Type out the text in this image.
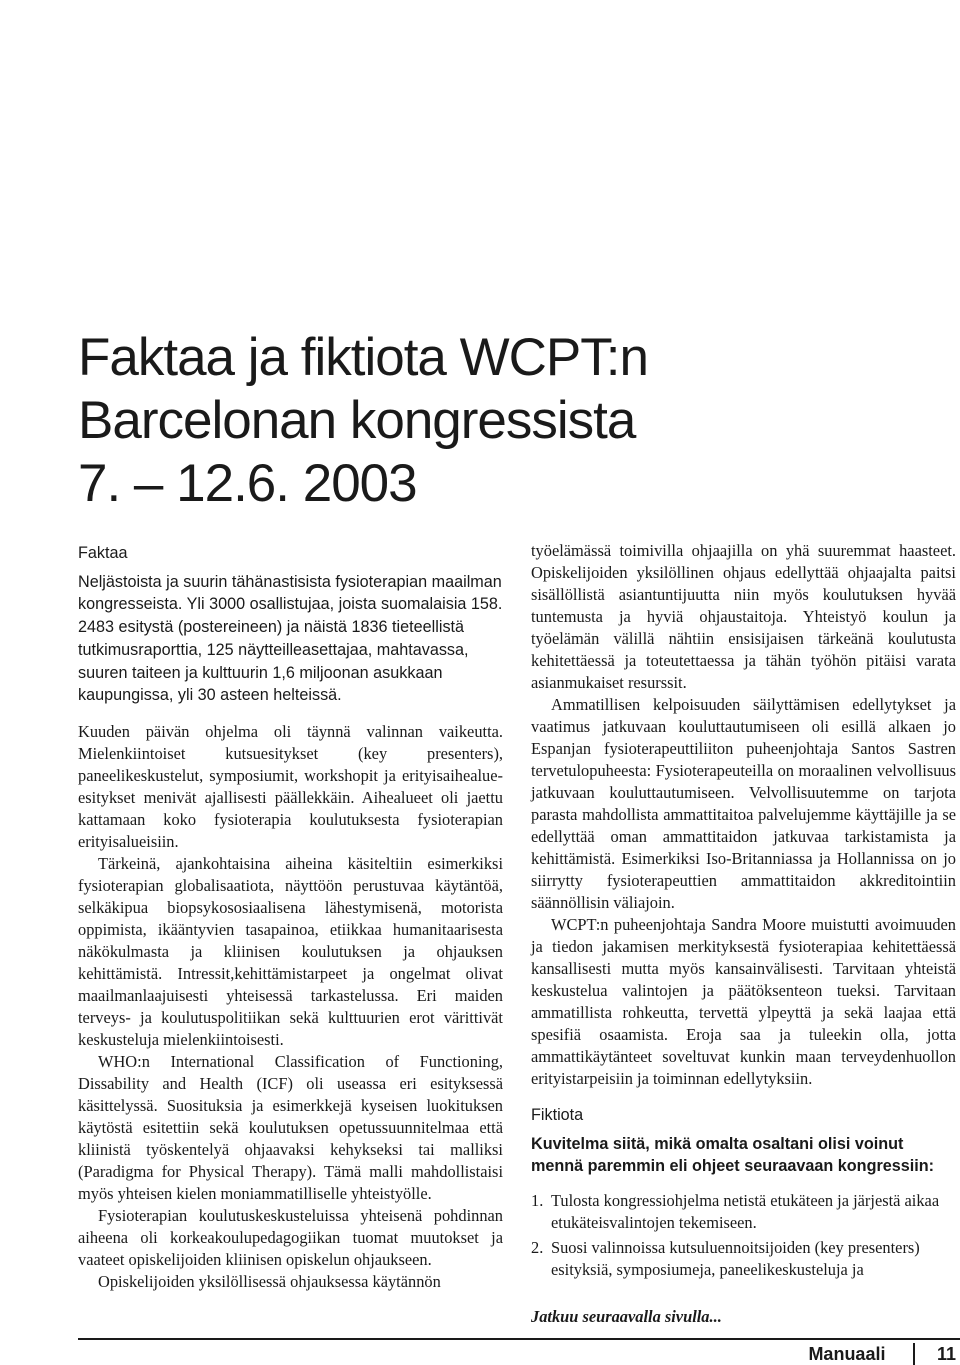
Faktaa ja fiktiota WCPT:n
Barcelonan kongressista
7. – 12.6. 2003

Faktaa

Neljästoista ja suurin tähänastisista fysioterapian maailman kongresseista. Yli 3000 osallistujaa, joista suomalaisia 158. 2483 esitystä (postereineen) ja näistä 1836 tieteellistä tutkimusraporttia, 125 näytteilleasettajaa, mahtavassa, suuren taiteen ja kulttuurin 1,6 miljoonan asukkaan kaupungissa, yli 30 asteen helteissä.

Kuuden päivän ohjelma oli täynnä valinnan vaikeutta. Mielenkiintoiset kutsuesitykset (key presenters), paneelikeskustelut, symposiumit, workshopit ja erityisaihealue-esitykset menivät ajallisesti päällekkäin. Aihealueet oli jaettu kattamaan koko fysioterapia koulutuksesta fysioterapian erityisalueisiin.

Tärkeinä, ajankohtaisina aiheina käsiteltiin esimerkiksi fysioterapian globalisaatiota, näyttöön perustuvaa käytäntöä, selkäkipua biopsykososiaalisena lähestymisenä, motorista oppimista, ikääntyvien tasapainoa, etiikkaa humanitaarisesta näkökulmasta ja kliinisen koulutuksen ja ohjauksen kehittämistä. Intressit,kehittämistarpeet ja ongelmat olivat maailmanlaajuisesti yhteisessä tarkastelussa. Eri maiden terveys- ja koulutuspolitiikan sekä kulttuurien erot värittivät keskusteluja mielenkiintoisesti.

WHO:n International Classification of Functioning, Dissability and Health (ICF) oli useassa eri esityksessä käsittelyssä. Suosituksia ja esimerkkejä kyseisen luokituksen käytöstä esitettiin sekä koulutuksen opetussuunnitelmaa että kliinistä työskentelyä ohjaavaksi kehykseksi tai malliksi (Paradigma for Physical Therapy). Tämä malli mahdollistaisi myös yhteisen kielen moniammatilliselle yhteistyölle.

Fysioterapian koulutuskeskusteluissa yhteisenä pohdinnan aiheena oli korkeakoulupedagogiikan tuomat muutokset ja vaateet opiskelijoiden kliinisen opiskelun ohjaukseen.

Opiskelijoiden yksilöllisessä ohjauksessa käytännön

työelämässä toimivilla ohjaajilla on yhä suuremmat haasteet. Opiskelijoiden yksilöllinen ohjaus edellyttää ohjaajalta paitsi sisällöllistä asiantuntijuutta niin myös koulutuksen hyvää tuntemusta ja hyviä ohjaustaitoja. Yhteistyö koulun ja työelämän välillä nähtiin ensisijaisen tärkeänä koulutusta kehitettäessä ja toteutettaessa ja tähän työhön pitäisi varata asianmukaiset resurssit.

Ammatillisen kelpoisuuden säilyttämisen edellytykset ja vaatimus jatkuvaan kouluttautumiseen oli esillä alkaen jo Espanjan fysioterapeuttiliiton puheenjohtaja Santos Sastren tervetulopuheesta: Fysioterapeuteilla on moraalinen velvollisuus jatkuvaan kouluttautumiseen. Velvollisuutemme on tarjota parasta mahdollista ammattitaitoa palvelujemme käyttäjille ja se edellyttää oman ammattitaidon jatkuvaa tarkistamista ja kehittämistä. Esimerkiksi Iso-Britanniassa ja Hollannissa on jo siirrytty fysioterapeuttien ammattitaidon akkreditointiin säännöllisin väliajoin.

WCPT:n puheenjohtaja Sandra Moore muistutti avoimuuden ja tiedon jakamisen merkityksestä fysioterapiaa kehitettäessä kansallisesti mutta myös kansainvälisesti. Tarvitaan yhteistä keskustelua valintojen ja päätöksenteon tueksi. Tarvitaan ammatillista rohkeutta, tervettä ylpeyttä ja sekä laajaa että spesifiä osaamista. Eroja saa ja tuleekin olla, jotta ammattikäytänteet soveltuvat kunkin maan terveydenhuollon erityistarpeisiin ja toiminnan edellytyksiin.

Fiktiota

Kuvitelma siitä, mikä omalta osaltani olisi voinut mennä paremmin eli ohjeet seuraavaan kongressiin:

1. Tulosta kongressiohjelma netistä etukäteen ja järjestä aikaa etukäteisvalintojen tekemiseen.
2. Suosi valinnoissa kutsuluennoitsijoiden (key presenters) esityksiä, symposiumeja, paneelikeskusteluja ja

Jatkuu seuraavalla sivulla...

Manuaali	11
